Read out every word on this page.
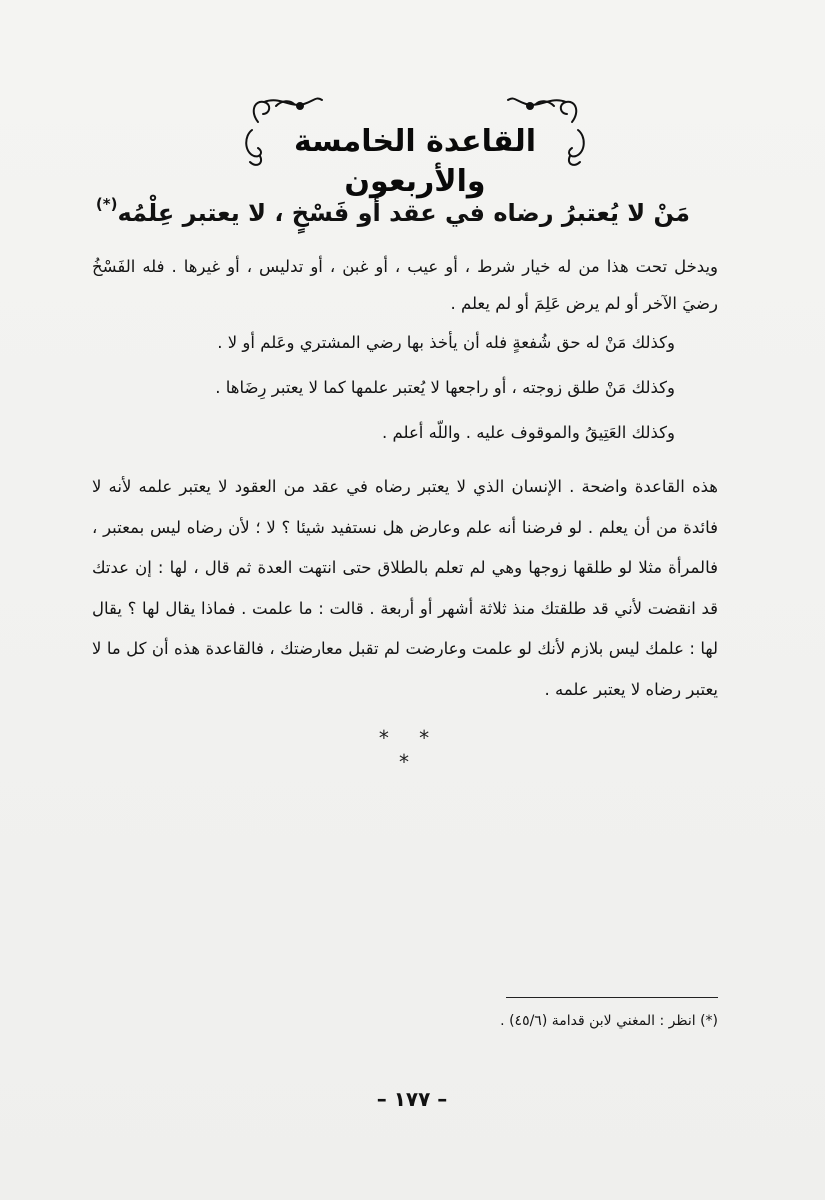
القاعدة الخامسة والأربعون
مَنْ لا يُعتبرُ رضاه في عقد أو فَسْخٍ ، لا يعتبر عِلْمُه(*)
ويدخل تحت هذا من له خيار شرط ، أو عيب ، أو غبن ، أو تدليس ، أو غيرها . فله الفَسْخُ رضيَ الآخر أو لم يرض عَلِمَ أو لم يعلم .
وكذلك مَنْ له حق شُفعةٍ فله أن يأخذ بها رضي المشتري وعَلم أو لا .
وكذلك مَنْ طلق زوجته ، أو راجعها لا يُعتبر علمها كما لا يعتبر رِضَاها .
وكذلك العَتِيقُ والموقوف عليه . واللّه أعلم .
هذه القاعدة واضحة . الإنسان الذي لا يعتبر رضاه في عقد من العقود لا يعتبر علمه لأنه لا فائدة من أن يعلم . لو فرضنا أنه علم وعارض هل نستفيد شيئا ؟ لا ؛ لأن رضاه ليس بمعتبر ، فالمرأة مثلا لو طلقها زوجها وهي لم تعلم بالطلاق حتى انتهت العدة ثم قال ، لها : إن عدتك قد انقضت لأني قد طلقتك منذ ثلاثة أشهر أو أربعة . قالت : ما علمت . فماذا يقال لها ؟ يقال لها : علمك ليس بلازم لأنك لو علمت وعارضت لم تقبل معارضتك ، فالقاعدة هذه أن كل ما لا يعتبر رضاه لا يعتبر علمه .
* * *
(*) انظر : المغني لابن قدامة (٤٥/٦) .
– ١٧٧ –
